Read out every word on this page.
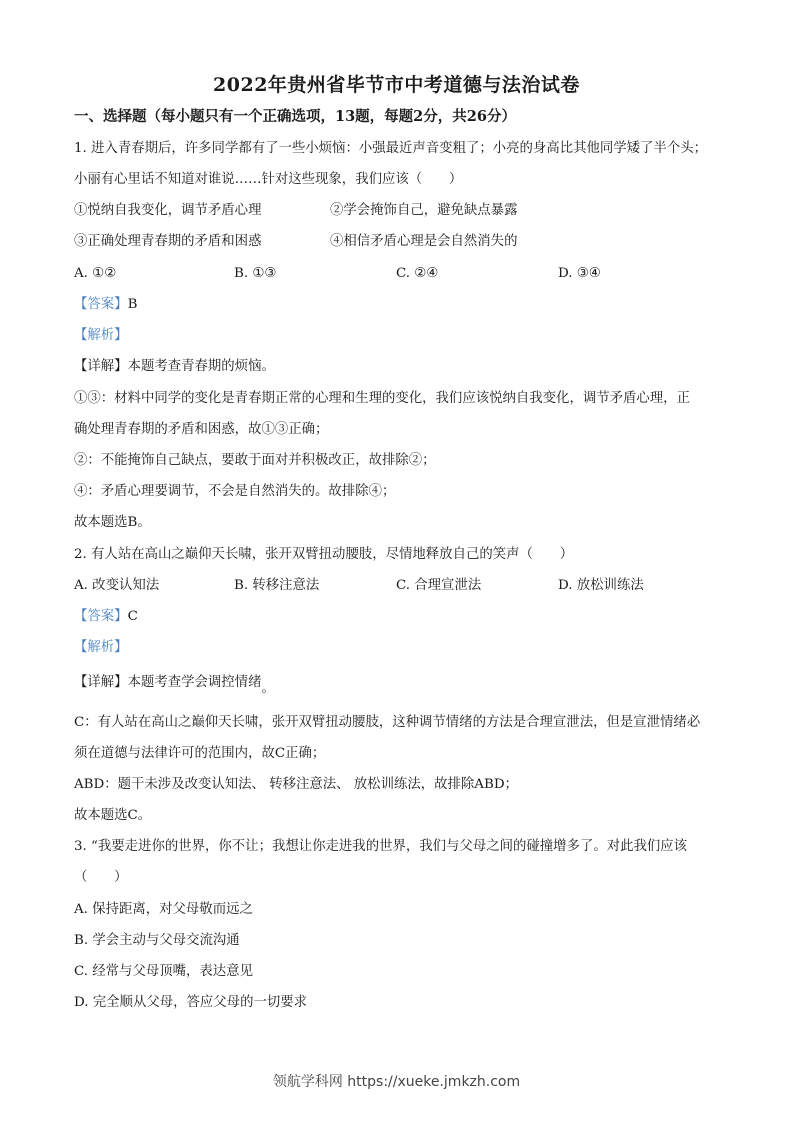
2022年贵州省毕节市中考道德与法治试卷
一、选择题（每小题只有一个正确选项，13题，每题2分，共26分）
1. 进入青春期后，许多同学都有了一些小烦恼：小强最近声音变粗了；小亮的身高比其他同学矮了半个头；
小丽有心里话不知道对谁说……针对这些现象，我们应该（　　）
①悦纳自我变化，调节矛盾心理	②学会掩饰自己，避免缺点暴露
③正确处理青春期的矛盾和困惑	④相信矛盾心理是会自然消失的
A. ①②	B. ①③	C. ②④	D. ③④
【答案】B
【解析】
【详解】本题考查青春期的烦恼。
①③：材料中同学的变化是青春期正常的心理和生理的变化，我们应该悦纳自我变化，调节矛盾心理，正
确处理青春期的矛盾和困惑，故①③正确；
②：不能掩饰自己缺点，要敢于面对并积极改正，故排除②；
④：矛盾心理要调节，不会是自然消失的。故排除④；
故本题选B。
2. 有人站在高山之巅仰天长啸，张开双臂扭动腰肢，尽情地释放自己的笑声（　　）
A. 改变认知法	B. 转移注意法	C. 合理宣泄法	D. 放松训练法
【答案】C
【解析】
【详解】本题考查学会调控情绪。
C：有人站在高山之巅仰天长啸，张开双臂扭动腰肢，这种调节情绪的方法是合理宣泄法，但是宣泄情绪必
须在道德与法律许可的范围内，故C正确；
ABD：题干未涉及改变认知法、 转移注意法、 放松训练法，故排除ABD；
故本题选C。
3. “我要走进你的世界，你不让；我想让你走进我的世界，我们与父母之间的碰撞增多了。对此我们应该
（　　）
A. 保持距离，对父母敬而远之
B. 学会主动与父母交流沟通
C. 经常与父母顶嘴，表达意见
D. 完全顺从父母，答应父母的一切要求
领航学科网 https://xueke.jmkzh.com
